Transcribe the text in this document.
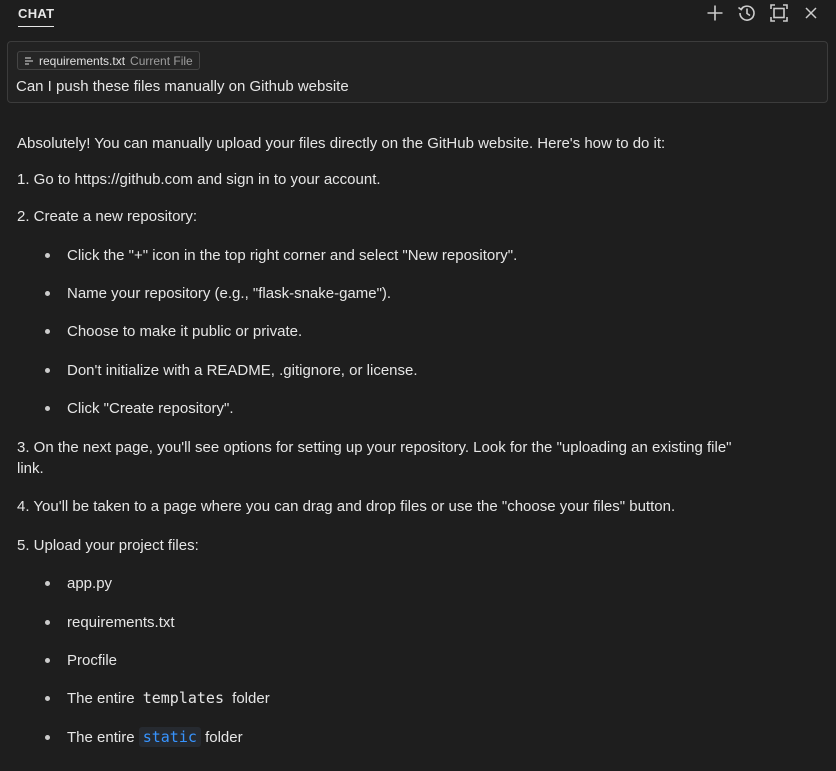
CHAT
requirements.txt Current File
Can I push these files manually on Github website

Absolutely! You can manually upload your files directly on the GitHub website. Here's how to do it:

1. Go to https://github.com and sign in to your account.

2. Create a new repository:

Click the "+" icon in the top right corner and select "New repository".
Name your repository (e.g., "flask-snake-game").
Choose to make it public or private.
Don't initialize with a README, .gitignore, or license.
Click "Create repository".

3. On the next page, you'll see options for setting up your repository. Look for the "uploading an existing file"

link.

4. You'll be taken to a page where you can drag and drop files or use the "choose your files" button.

5. Upload your project files:

app.py
requirements.txt
Procfile
The entire templates folder
The entire static folder
